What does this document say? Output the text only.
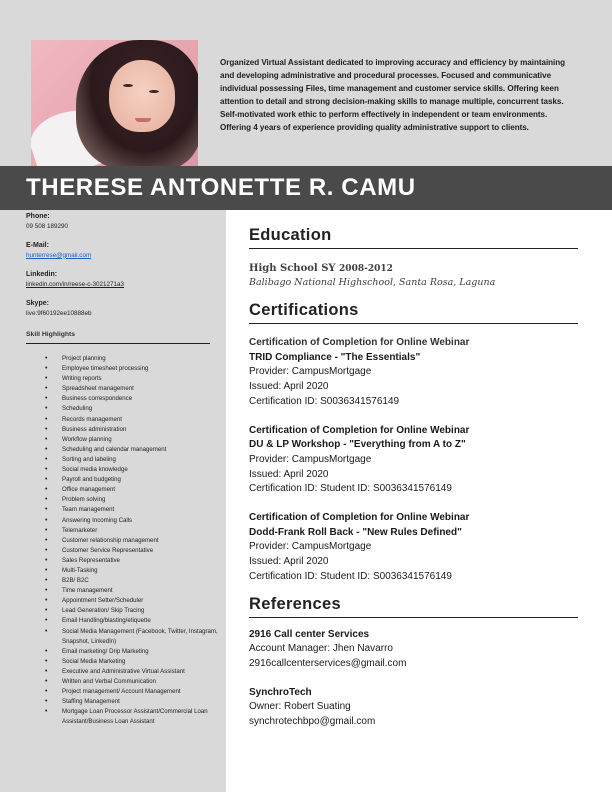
Organized Virtual Assistant dedicated to improving accuracy and efficiency by maintaining and developing administrative and procedural processes. Focused and communicative individual possessing Files, time management and customer service skills. Offering keen attention to detail and strong decision-making skills to manage multiple, concurrent tasks. Self-motivated work ethic to perform effectively in independent or team environments. Offering 4 years of experience providing quality administrative support to clients.

THERESE ANTONETTE R. CAMU
Phone:
09 508 189290
E-Mail:
hunterrese@gmail.com
Linkedin:
linkedin.com/in/reese-c-3021271a3
Skype:
live:9f60192ee10888eb
Skill Highlights
• Project planning
• Employee timesheet processing
• Writing reports
• Spreadsheet management
• Business correspondence
• Scheduling
• Records management
• Business administration
• Workflow planning
• Scheduling and calendar management
• Sorting and labeling
• Social media knowledge
• Payroll and budgeting
• Office management
• Problem solving
• Team management
• Answering Incoming Calls
• Telemarketer
• Customer relationship management
• Customer Service Representative
• Sales Representative
• Multi-Tasking
• B2B/ B2C
• Time management
• Appointment Setter/Scheduler
• Lead Generation/ Skip Tracing
• Email Handling/blasting/etiquette
• Social Media Management (Facebook, Twitter, Instagram, Snapshot, LinkedIn)
• Email marketing/ Drip Marketing
• Social Media Marketing
• Executive and Administrative Virtual Assistant
• Written and Verbal Communication
• Project management/ Account Management
• Staffing Management
• Mortgage Loan Processor Assistant/Commercial Loan Assistant/Business Loan Assistant
Education
High School SY 2008-2012
Balibago National Highschool, Santa Rosa, Laguna
Certifications
Certification of Completion for Online Webinar
TRID Compliance - "The Essentials"
Provider: CampusMortgage
Issued: April 2020
Certification ID: S0036341576149
Certification of Completion for Online Webinar
DU & LP Workshop - "Everything from A to Z"
Provider: CampusMortgage
Issued: April 2020
Certification ID: Student ID: S0036341576149
Certification of Completion for Online Webinar
Dodd-Frank Roll Back - "New Rules Defined"
Provider: CampusMortgage
Issued: April 2020
Certification ID: Student ID: S0036341576149
References
2916 Call center Services
Account Manager: Jhen Navarro
2916callcenterservices@gmail.com
SynchroTech
Owner: Robert Suating
synchrotechbpo@gmail.com
